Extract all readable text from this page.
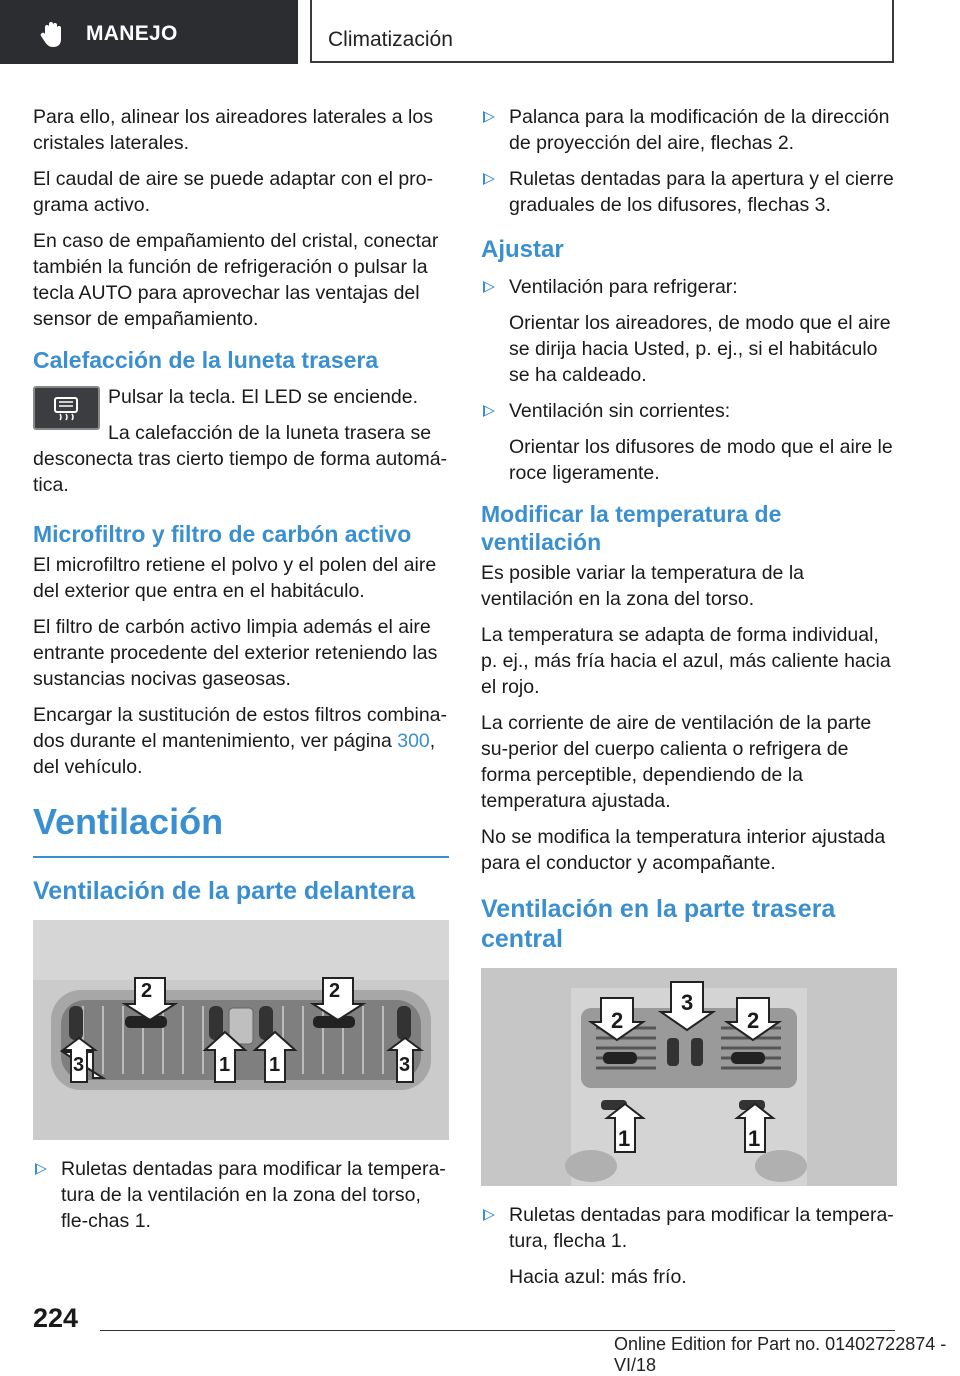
MANEJO	Climatización

Para ello, alinear los aireadores laterales a los cristales laterales.

El caudal de aire se puede adaptar con el pro-grama activo.

En caso de empañamiento del cristal, conectar también la función de refrigeración o pulsar la tecla AUTO para aprovechar las ventajas del sensor de empañamiento.

Calefacción de la luneta trasera

Pulsar la tecla. El LED se enciende.

La calefacción de la luneta trasera se desconecta tras cierto tiempo de forma automá-tica.

Microfiltro y filtro de carbón activo

El microfiltro retiene el polvo y el polen del aire del exterior que entra en el habitáculo.

El filtro de carbón activo limpia además el aire entrante procedente del exterior reteniendo las sustancias nocivas gaseosas.

Encargar la sustitución de estos filtros combina-dos durante el mantenimiento, ver página 300, del vehículo.

Ventilación
Ventilación de la parte delantera
2	2
3	1 1	3
Ruletas dentadas para modificar la tempera-tura de la ventilación en la zona del torso, fle-chas 1.
Palanca para la modificación de la dirección de proyección del aire, flechas 2.
Ruletas dentadas para la apertura y el cierre graduales de los difusores, flechas 3.
Ajustar
Ventilación para refrigerar:

Orientar los aireadores, de modo que el aire se dirija hacia Usted, p. ej., si el habitáculo se ha caldeado.

Ventilación sin corrientes:

Orientar los difusores de modo que el aire le roce ligeramente.

Modificar la temperatura de ventilación

Es posible variar la temperatura de la ventilación en la zona del torso.

La temperatura se adapta de forma individual, p. ej., más fría hacia el azul, más caliente hacia el rojo.

La corriente de aire de ventilación de la parte su-perior del cuerpo calienta o refrigera de forma perceptible, dependiendo de la temperatura ajustada.

No se modifica la temperatura interior ajustada para el conductor y acompañante.

Ventilación en la parte trasera central
2
3
2
1	1
Ruletas dentadas para modificar la tempera-tura, flecha 1.

Hacia azul: más frío.

224
Online Edition for Part no. 01402722874 - VI/18
